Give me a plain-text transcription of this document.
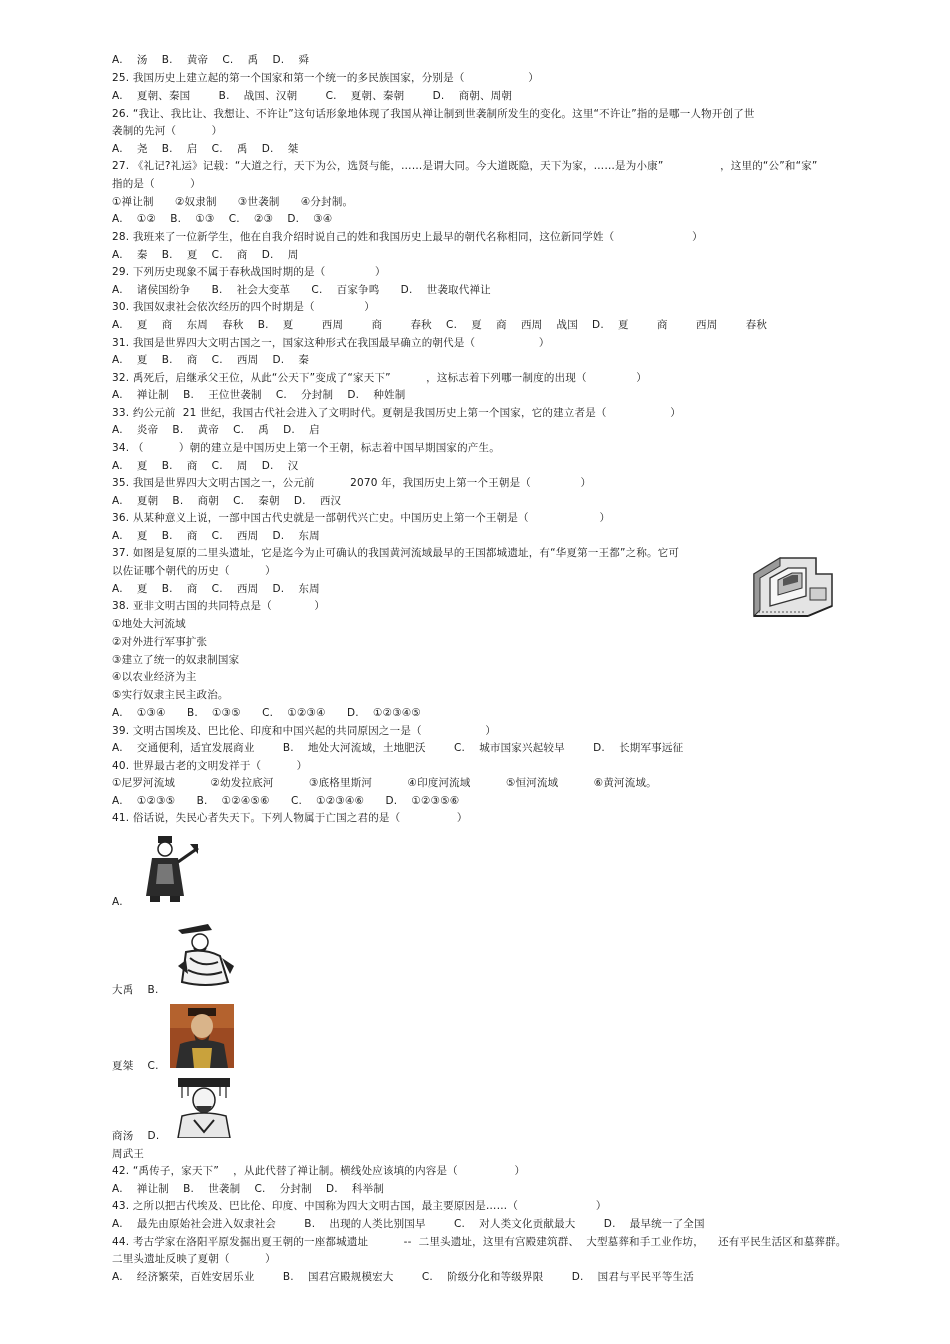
A.    汤    B.    黄帝    C.    禹    D.    舜
25. 我国历史上建立起的第一个国家和第一个统一的多民族国家，分别是（                  ）
A.    夏朝、秦国        B.    战国、汉朝        C.    夏朝、秦朝        D.    商朝、周朝
26. “我让、我比让、我想让、不许让”这句话形象地体现了我国从禅让制到世袭制所发生的变化。这里“不许让”指的是哪一人物开创了世
袭制的先河（          ）
A.    尧    B.    启    C.    禹    D.    桀
27. 《礼记?礼运》记载：“大道之行，天下为公，选贤与能，……是谓大同。今大道既隐，天下为家，……是为小康”                ，这里的“公”和“家”
指的是（          ）
①禅让制      ②奴隶制      ③世袭制      ④分封制。
A.    ①②    B.    ①③    C.    ②③    D.    ③④
28. 我班来了一位新学生，他在自我介绍时说自己的姓和我国历史上最早的朝代名称相同，这位新同学姓（                      ）
A.    秦    B.    夏    C.    商    D.    周
29. 下列历史现象不属于春秋战国时期的是（              ）
A.    诸侯国纷争      B.    社会大变革      C.    百家争鸣      D.    世袭取代禅让
30. 我国奴隶社会依次经历的四个时期是（              ）
A.    夏    商    东周    春秋    B.    夏        西周        商        春秋    C.    夏    商    西周    战国    D.    夏        商        西周        春秋
31. 我国是世界四大文明古国之一，国家这种形式在我国最早确立的朝代是（                  ）
A.    夏    B.    商    C.    西周    D.    秦
32. 禹死后，启继承父王位，从此“公天下”变成了“家天下”          ，这标志着下列哪一制度的出现（              ）
A.    禅让制    B.    王位世袭制    C.    分封制    D.    种姓制
33. 约公元前  21 世纪，我国古代社会进入了文明时代。夏朝是我国历史上第一个国家，它的建立者是（                  ）
A.    炎帝    B.    黄帝    C.    禹    D.    启
34. （          ）朝的建立是中国历史上第一个王朝，标志着中国早期国家的产生。
A.    夏    B.    商    C.    周    D.    汉
35. 我国是世界四大文明古国之一，公元前          2070 年，我国历史上第一个王朝是（              ）
A.    夏朝    B.    商朝    C.    秦朝    D.    西汉
36. 从某种意义上说，一部中国古代史就是一部朝代兴亡史。中国历史上第一个王朝是（                    ）
A.    夏    B.    商    C.    西周    D.    东周
37. 如图是复原的二里头遗址，它是迄今为止可确认的我国黄河流域最早的王国都城遗址，有“华夏第一王都”之称。它可
以佐证哪个朝代的历史（          ）
A.    夏    B.    商    C.    西周    D.    东周
38. 亚非文明古国的共同特点是（            ）
①地处大河流域
②对外进行军事扩张
③建立了统一的奴隶制国家
④以农业经济为主
⑤实行奴隶主民主政治。
A.    ①③④      B.    ①③⑤      C.    ①②③④      D.    ①②③④⑤
39. 文明古国埃及、巴比伦、印度和中国兴起的共同原因之一是（                  ）
A.    交通便利，适宜发展商业        B.    地处大河流域，土地肥沃        C.    城市国家兴起较早        D.    长期军事远征
40. 世界最古老的文明发祥于（          ）
①尼罗河流域          ②幼发拉底河          ③底格里斯河          ④印度河流域          ⑤恒河流域          ⑥黄河流域。
A.    ①②③⑤      B.    ①②④⑤⑥      C.    ①②③④⑥      D.    ①②③⑤⑥
41. 俗话说，失民心者失天下。下列人物属于亡国之君的是（                ）
A.
大禹    B.
夏桀    C.
商汤    D.
周武王
42. “禹传子，家天下”    ，从此代替了禅让制。横线处应该填的内容是（                ）
A.    禅让制    B.    世袭制    C.    分封制    D.    科举制
43. 之所以把古代埃及、巴比伦、印度、中国称为四大文明古国，最主要原因是……（                      ）
A.    最先由原始社会进入奴隶社会        B.    出现的人类比别国早        C.    对人类文化贡献最大        D.    最早统一了全国
44. 考古学家在洛阳平原发掘出夏王朝的一座都城遗址          --  二里头遗址，这里有宫殿建筑群、  大型墓葬和手工业作坊，    还有平民生活区和墓葬群。
二里头遗址反映了夏朝（          ）
A.    经济繁荣，百姓安居乐业        B.    国君宫殿规模宏大        C.    阶级分化和等级界限        D.    国君与平民平等生活
